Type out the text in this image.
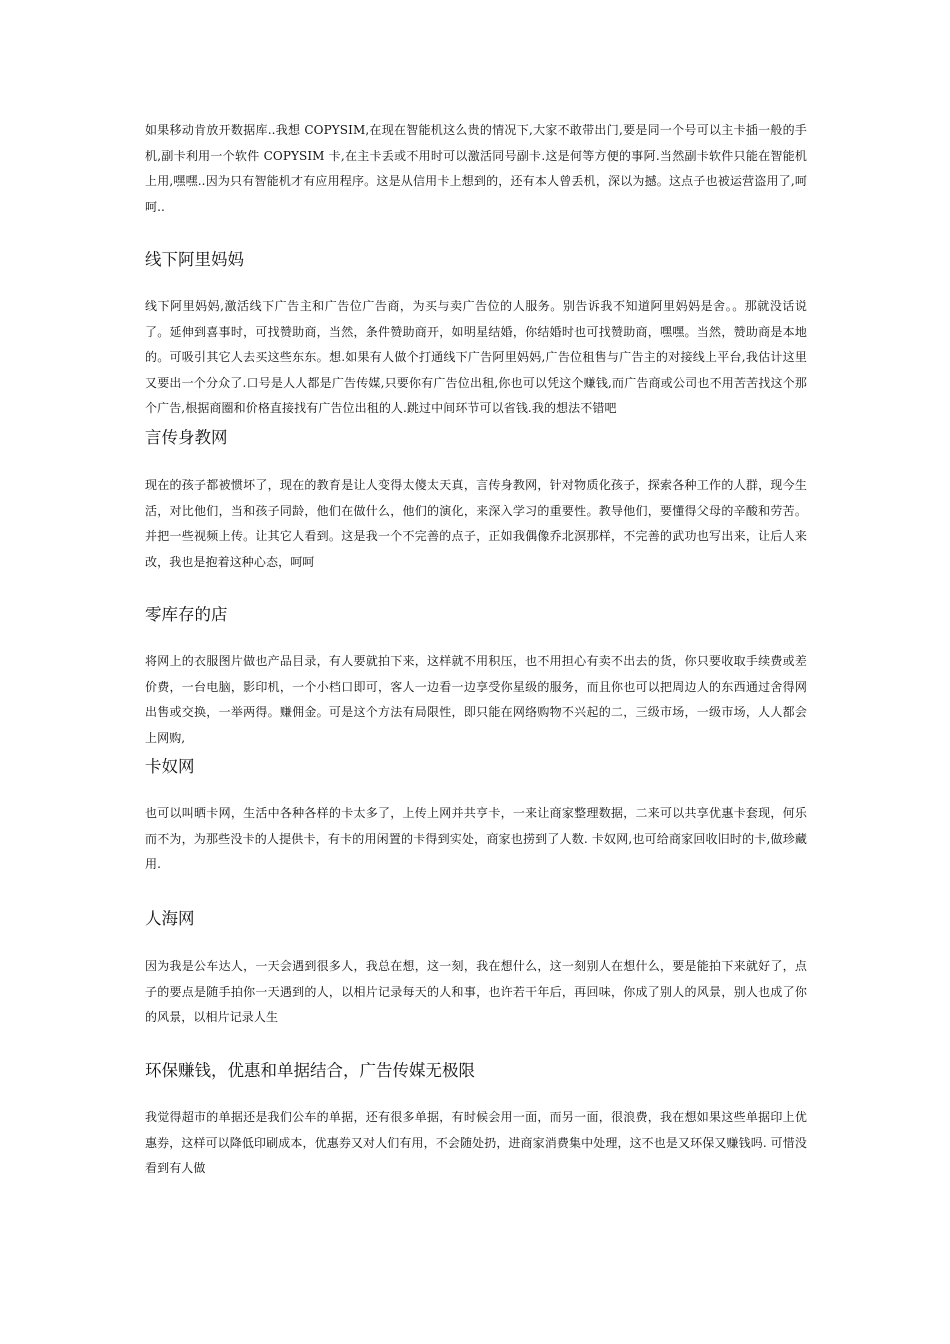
如果移动肯放开数据库..我想 COPYSIM,在现在智能机这么贵的情况下,大家不敢带出门,要是同一个号可以主卡插一般的手机,副卡利用一个软件 COPYSIM 卡,在主卡丢或不用时可以激活同号副卡.这是何等方便的事阿.当然副卡软件只能在智能机上用,嘿嘿..因为只有智能机才有应用程序。这是从信用卡上想到的，还有本人曾丢机，深以为撼。这点子也被运营盗用了,呵呵..

线下阿里妈妈

线下阿里妈妈,激活线下广告主和广告位广告商，为买与卖广告位的人服务。别告诉我不知道阿里妈妈是舍。。那就没话说了。延伸到喜事时，可找赞助商，当然，条件赞助商开，如明星结婚，你结婚时也可找赞助商，嘿嘿。当然，赞助商是本地的。可吸引其它人去买这些东东。想.如果有人做个打通线下广告阿里妈妈,广告位租售与广告主的对接线上平台,我估计这里又要出一个分众了.口号是人人都是广告传媒,只要你有广告位出租,你也可以凭这个赚钱,而广告商或公司也不用苦苦找这个那个广告,根据商圈和价格直接找有广告位出租的人.跳过中间环节可以省钱.我的想法不错吧

言传身教网

现在的孩子都被惯坏了，现在的教育是让人变得太傻太天真，言传身教网，针对物质化孩子，探索各种工作的人群，现今生活，对比他们，当和孩子同龄，他们在做什么，他们的演化，来深入学习的重要性。教导他们，要懂得父母的辛酸和劳苦。并把一些视频上传。让其它人看到。这是我一个不完善的点子，正如我偶像乔北溟那样，不完善的武功也写出来，让后人来改，我也是抱着这种心态，呵呵

零库存的店

将网上的衣服图片做也产品目录，有人要就拍下来，这样就不用积压，也不用担心有卖不出去的货，你只要收取手续费或差价费，一台电脑，影印机，一个小档口即可，客人一边看一边享受你星级的服务，而且你也可以把周边人的东西通过舍得网出售或交换，一举两得。赚佣金。可是这个方法有局限性，即只能在网络购物不兴起的二，三级市场，一级市场，人人都会上网购,

卡奴网

也可以叫晒卡网，生活中各种各样的卡太多了，上传上网并共亨卡，一来让商家整理数据，二来可以共享优惠卡套现，何乐而不为，为那些没卡的人提供卡，有卡的用闲置的卡得到实处，商家也捞到了人数. 卡奴网,也可给商家回收旧时的卡,做珍藏用.

人海网

因为我是公车达人，一天会遇到很多人，我总在想，这一刻，我在想什么，这一刻别人在想什么，要是能拍下来就好了，点子的要点是随手拍你一天遇到的人，以相片记录每天的人和事，也许若干年后，再回味，你成了别人的风景，别人也成了你的风景，以相片记录人生

环保赚钱，优惠和单据结合，广告传媒无极限

我觉得超市的单据还是我们公车的单据，还有很多单据，有时候会用一面，而另一面，很浪费，我在想如果这些单据印上优惠券，这样可以降低印刷成本，优惠券又对人们有用，不会随处扔，进商家消费集中处理，这不也是又环保又赚钱吗. 可惜没看到有人做
